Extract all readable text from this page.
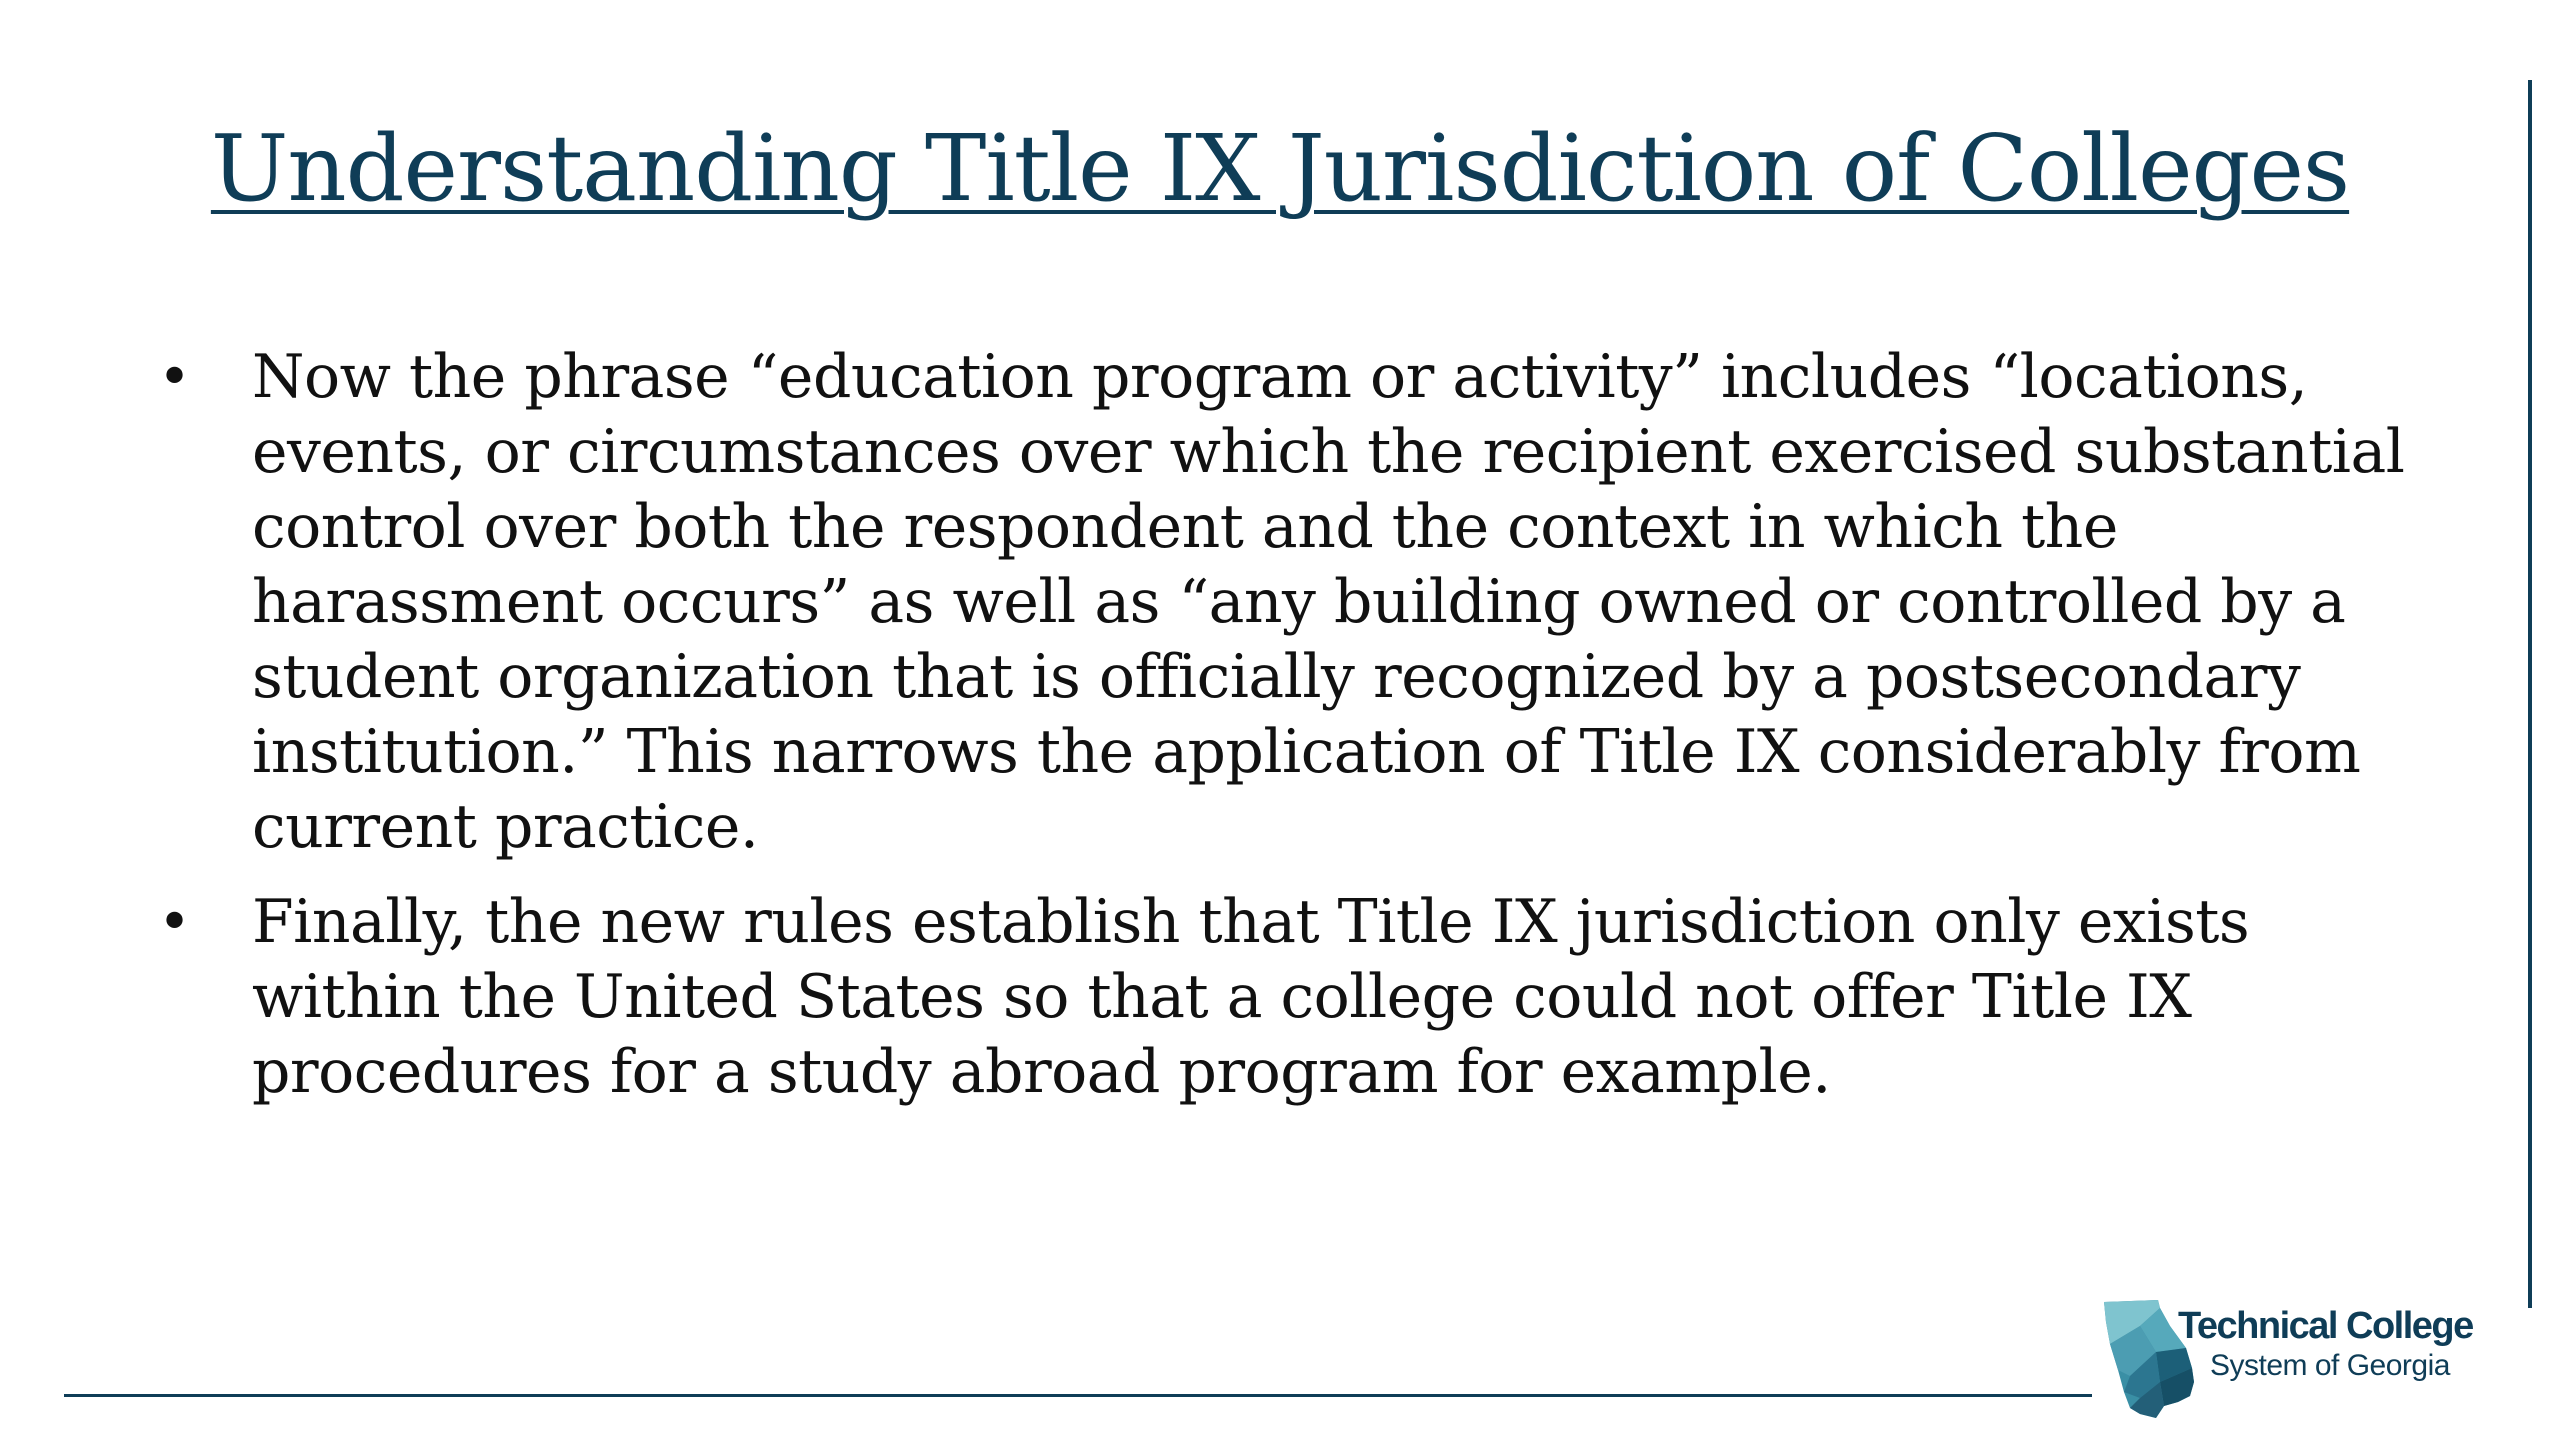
Understanding Title IX Jurisdiction of Colleges
• Now the phrase “education program or activity” includes “locations, events, or circumstances over which the recipient exercised substantial control over both the respondent and the context in which the harassment occurs” as well as “any building owned or controlled by a student organization that is officially recognized by a postsecondary institution.” This narrows the application of Title IX considerably from current practice.
• Finally, the new rules establish that Title IX jurisdiction only exists within the United States so that a college could not offer Title IX procedures for a study abroad program for example.
Technical College
System of Georgia
